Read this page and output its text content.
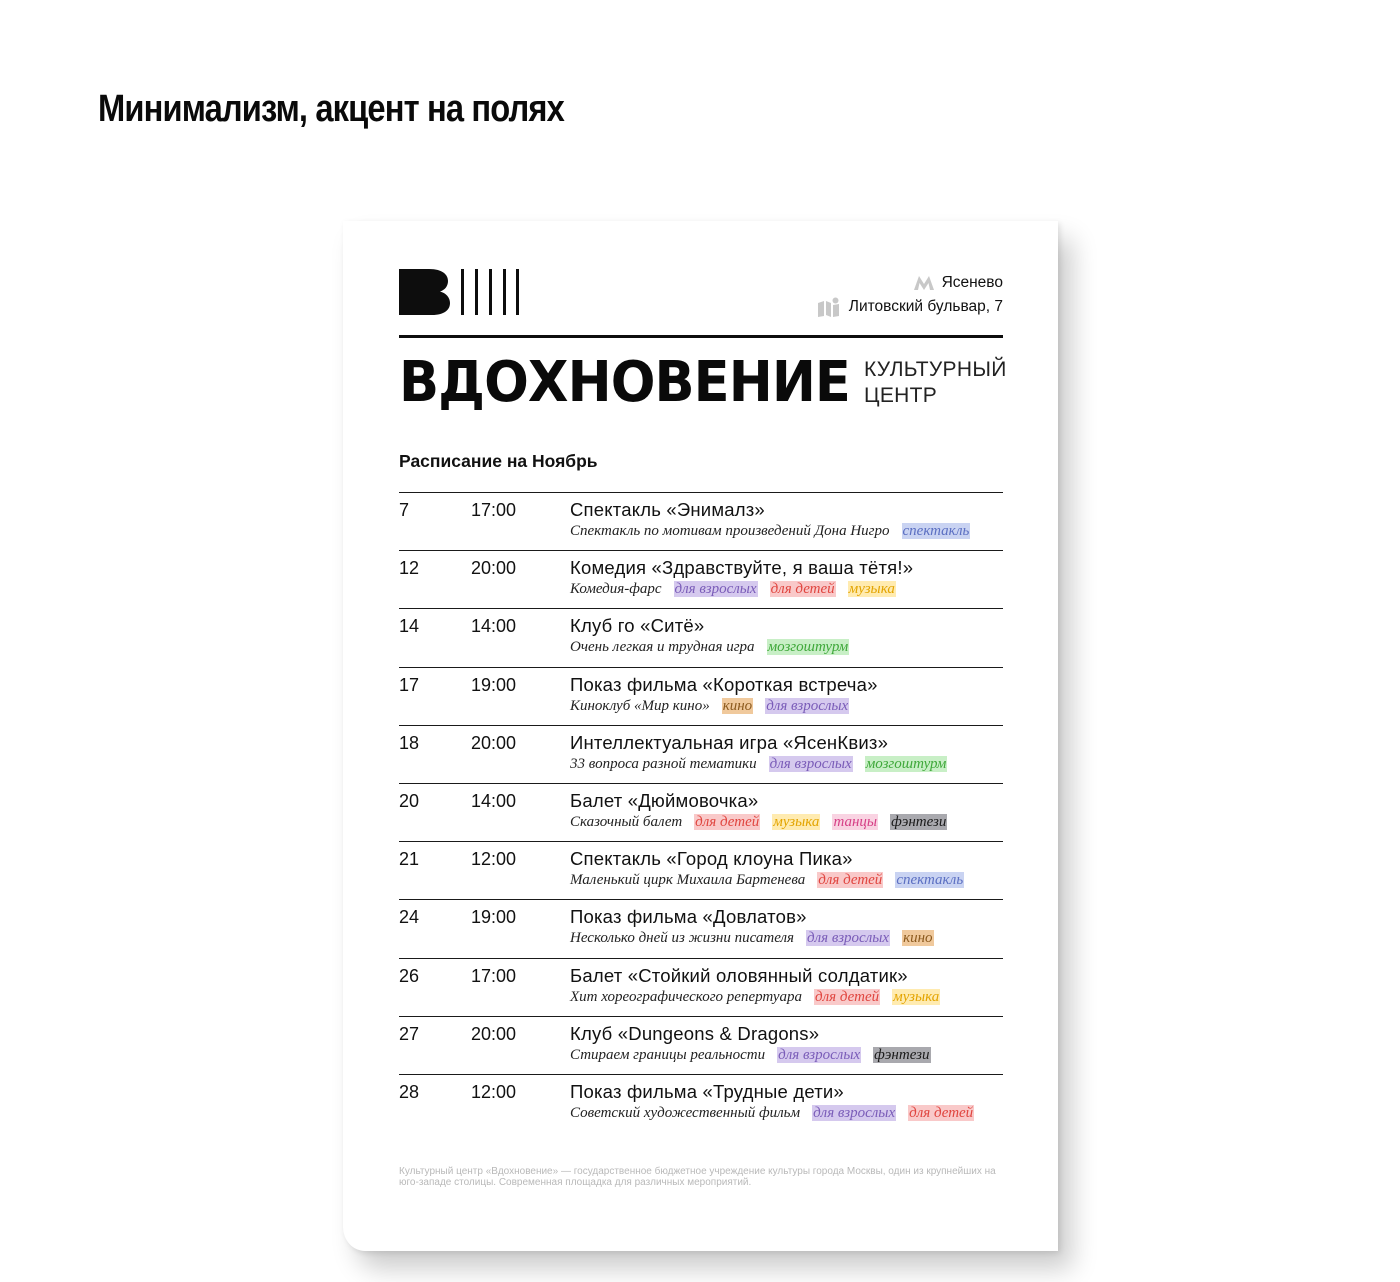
Минимализм, акцент на полях
Ясенево
Литовский бульвар, 7
ВДОХНОВЕНИЕ КУЛЬТУРНЫЙ
ЦЕНТР
Расписание на Ноябрь
7	17:00	Спектакль «Энималз»
Спектакль по мотивам произведений Дона Нигро спектакль
12	20:00	Комедия «Здравствуйте, я ваша тётя!»
Комедия-фарс для взрослых для детей музыка
14	14:00	Клуб го «Ситё»
Очень легкая и трудная игра мозгоштурм
17	19:00	Показ фильма «Короткая встреча»
Киноклуб «Мир кино» кино для взрослых
18	20:00	Интеллектуальная игра «ЯсенКвиз»
33 вопроса разной тематики для взрослых мозгоштурм
20	14:00	Балет «Дюймовочка»
Сказочный балет для детей музыка танцы фэнтези
21	12:00	Спектакль «Город клоуна Пика»
Маленький цирк Михаила Бартенева для детей спектакль
24	19:00	Показ фильма «Довлатов»
Несколько дней из жизни писателя для взрослых кино
26	17:00	Балет «Стойкий оловянный солдатик»
Хит хореографического репертуара для детей музыка
27	20:00	Клуб «Dungeons & Dragons»
Стираем границы реальности для взрослых фэнтези
28	12:00	Показ фильма «Трудные дети»
Советский художественный фильм для взрослых для детей
Культурный центр «Вдохновение» — государственное бюджетное учреждение культуры города Москвы, один из крупнейших на юго-западе столицы. Современная площадка для различных мероприятий.
